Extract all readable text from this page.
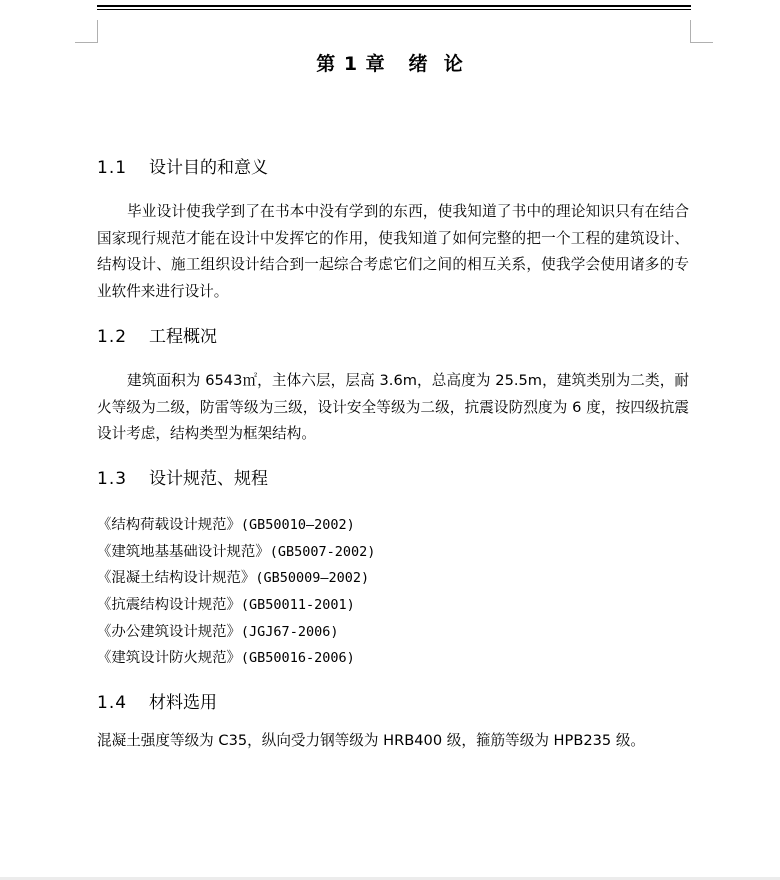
第 1 章   绪  论
1.1 设计目的和意义
毕业设计使我学到了在书本中没有学到的东西，使我知道了书中的理论知识只有在结合国家现行规范才能在设计中发挥它的作用，使我知道了如何完整的把一个工程的建筑设计、结构设计、施工组织设计结合到一起综合考虑它们之间的相互关系，使我学会使用诸多的专业软件来进行设计。
1.2 工程概况
建筑面积为 6543㎡，主体六层，层高 3.6m，总高度为 25.5m，建筑类别为二类，耐火等级为二级，防雷等级为三级，设计安全等级为二级，抗震设防烈度为 6 度，按四级抗震设计考虑，结构类型为框架结构。
1.3 设计规范、规程
《结构荷载设计规范》(GB50010—2002)
《建筑地基基础设计规范》(GB5007-2002)
《混凝土结构设计规范》(GB50009—2002)
《抗震结构设计规范》(GB50011-2001)
《办公建筑设计规范》(JGJ67-2006)
《建筑设计防火规范》(GB50016-2006)
1.4 材料选用
混凝土强度等级为 C35，纵向受力钢等级为 HRB400 级，箍筋等级为 HPB235 级。
